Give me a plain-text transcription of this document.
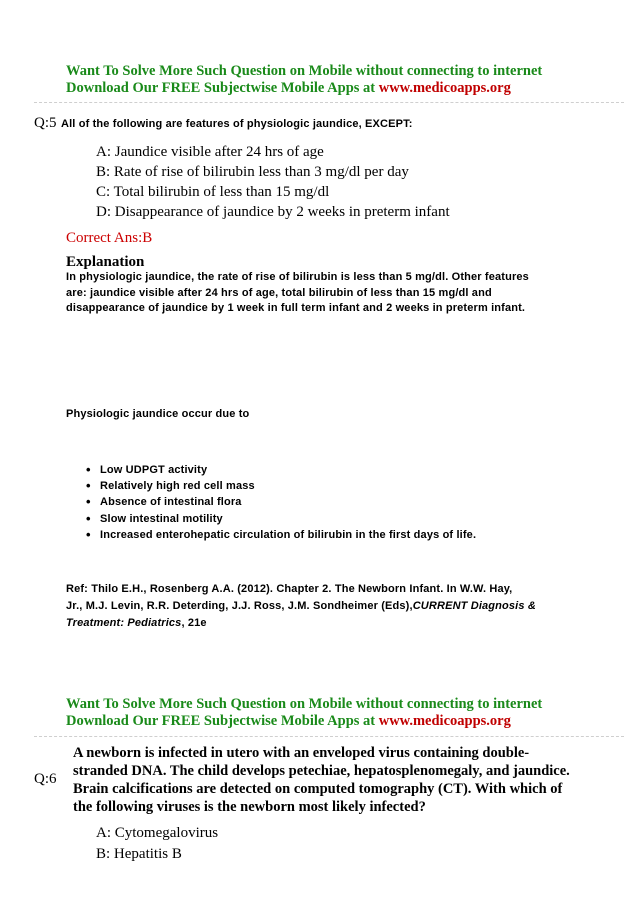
Want To Solve More Such Question on Mobile without connecting to internet
Download Our FREE Subjectwise Mobile Apps at www.medicoapps.org
Q:5 All of the following are features of physiologic jaundice, EXCEPT:
A: Jaundice visible after 24 hrs of age
B: Rate of rise of bilirubin less than 3 mg/dl per day
C: Total bilirubin of less than 15 mg/dl
D: Disappearance of jaundice by 2 weeks in preterm infant
Correct Ans:B
Explanation
In physiologic jaundice, the rate of rise of bilirubin is less than 5 mg/dl. Other features
are: jaundice visible after 24 hrs of age, total bilirubin of less than 15 mg/dl and
disappearance of jaundice by 1 week in full term infant and 2 weeks in preterm infant.
Physiologic jaundice occur due to
• Low UDPGT activity
• Relatively high red cell mass
• Absence of intestinal flora
• Slow intestinal motility
• Increased enterohepatic circulation of bilirubin in the first days of life.
Ref: Thilo E.H., Rosenberg A.A. (2012). Chapter 2. The Newborn Infant. In W.W. Hay,
Jr., M.J. Levin, R.R. Deterding, J.J. Ross, J.M. Sondheimer (Eds),CURRENT Diagnosis &
Treatment: Pediatrics, 21e
Want To Solve More Such Question on Mobile without connecting to internet
Download Our FREE Subjectwise Mobile Apps at www.medicoapps.org
Q:6
A newborn is infected in utero with an enveloped virus containing double-
stranded DNA. The child develops petechiae, hepatosplenomegaly, and jaundice.
Brain calcifications are detected on computed tomography (CT). With which of
the following viruses is the newborn most likely infected?
A: Cytomegalovirus
B: Hepatitis B
